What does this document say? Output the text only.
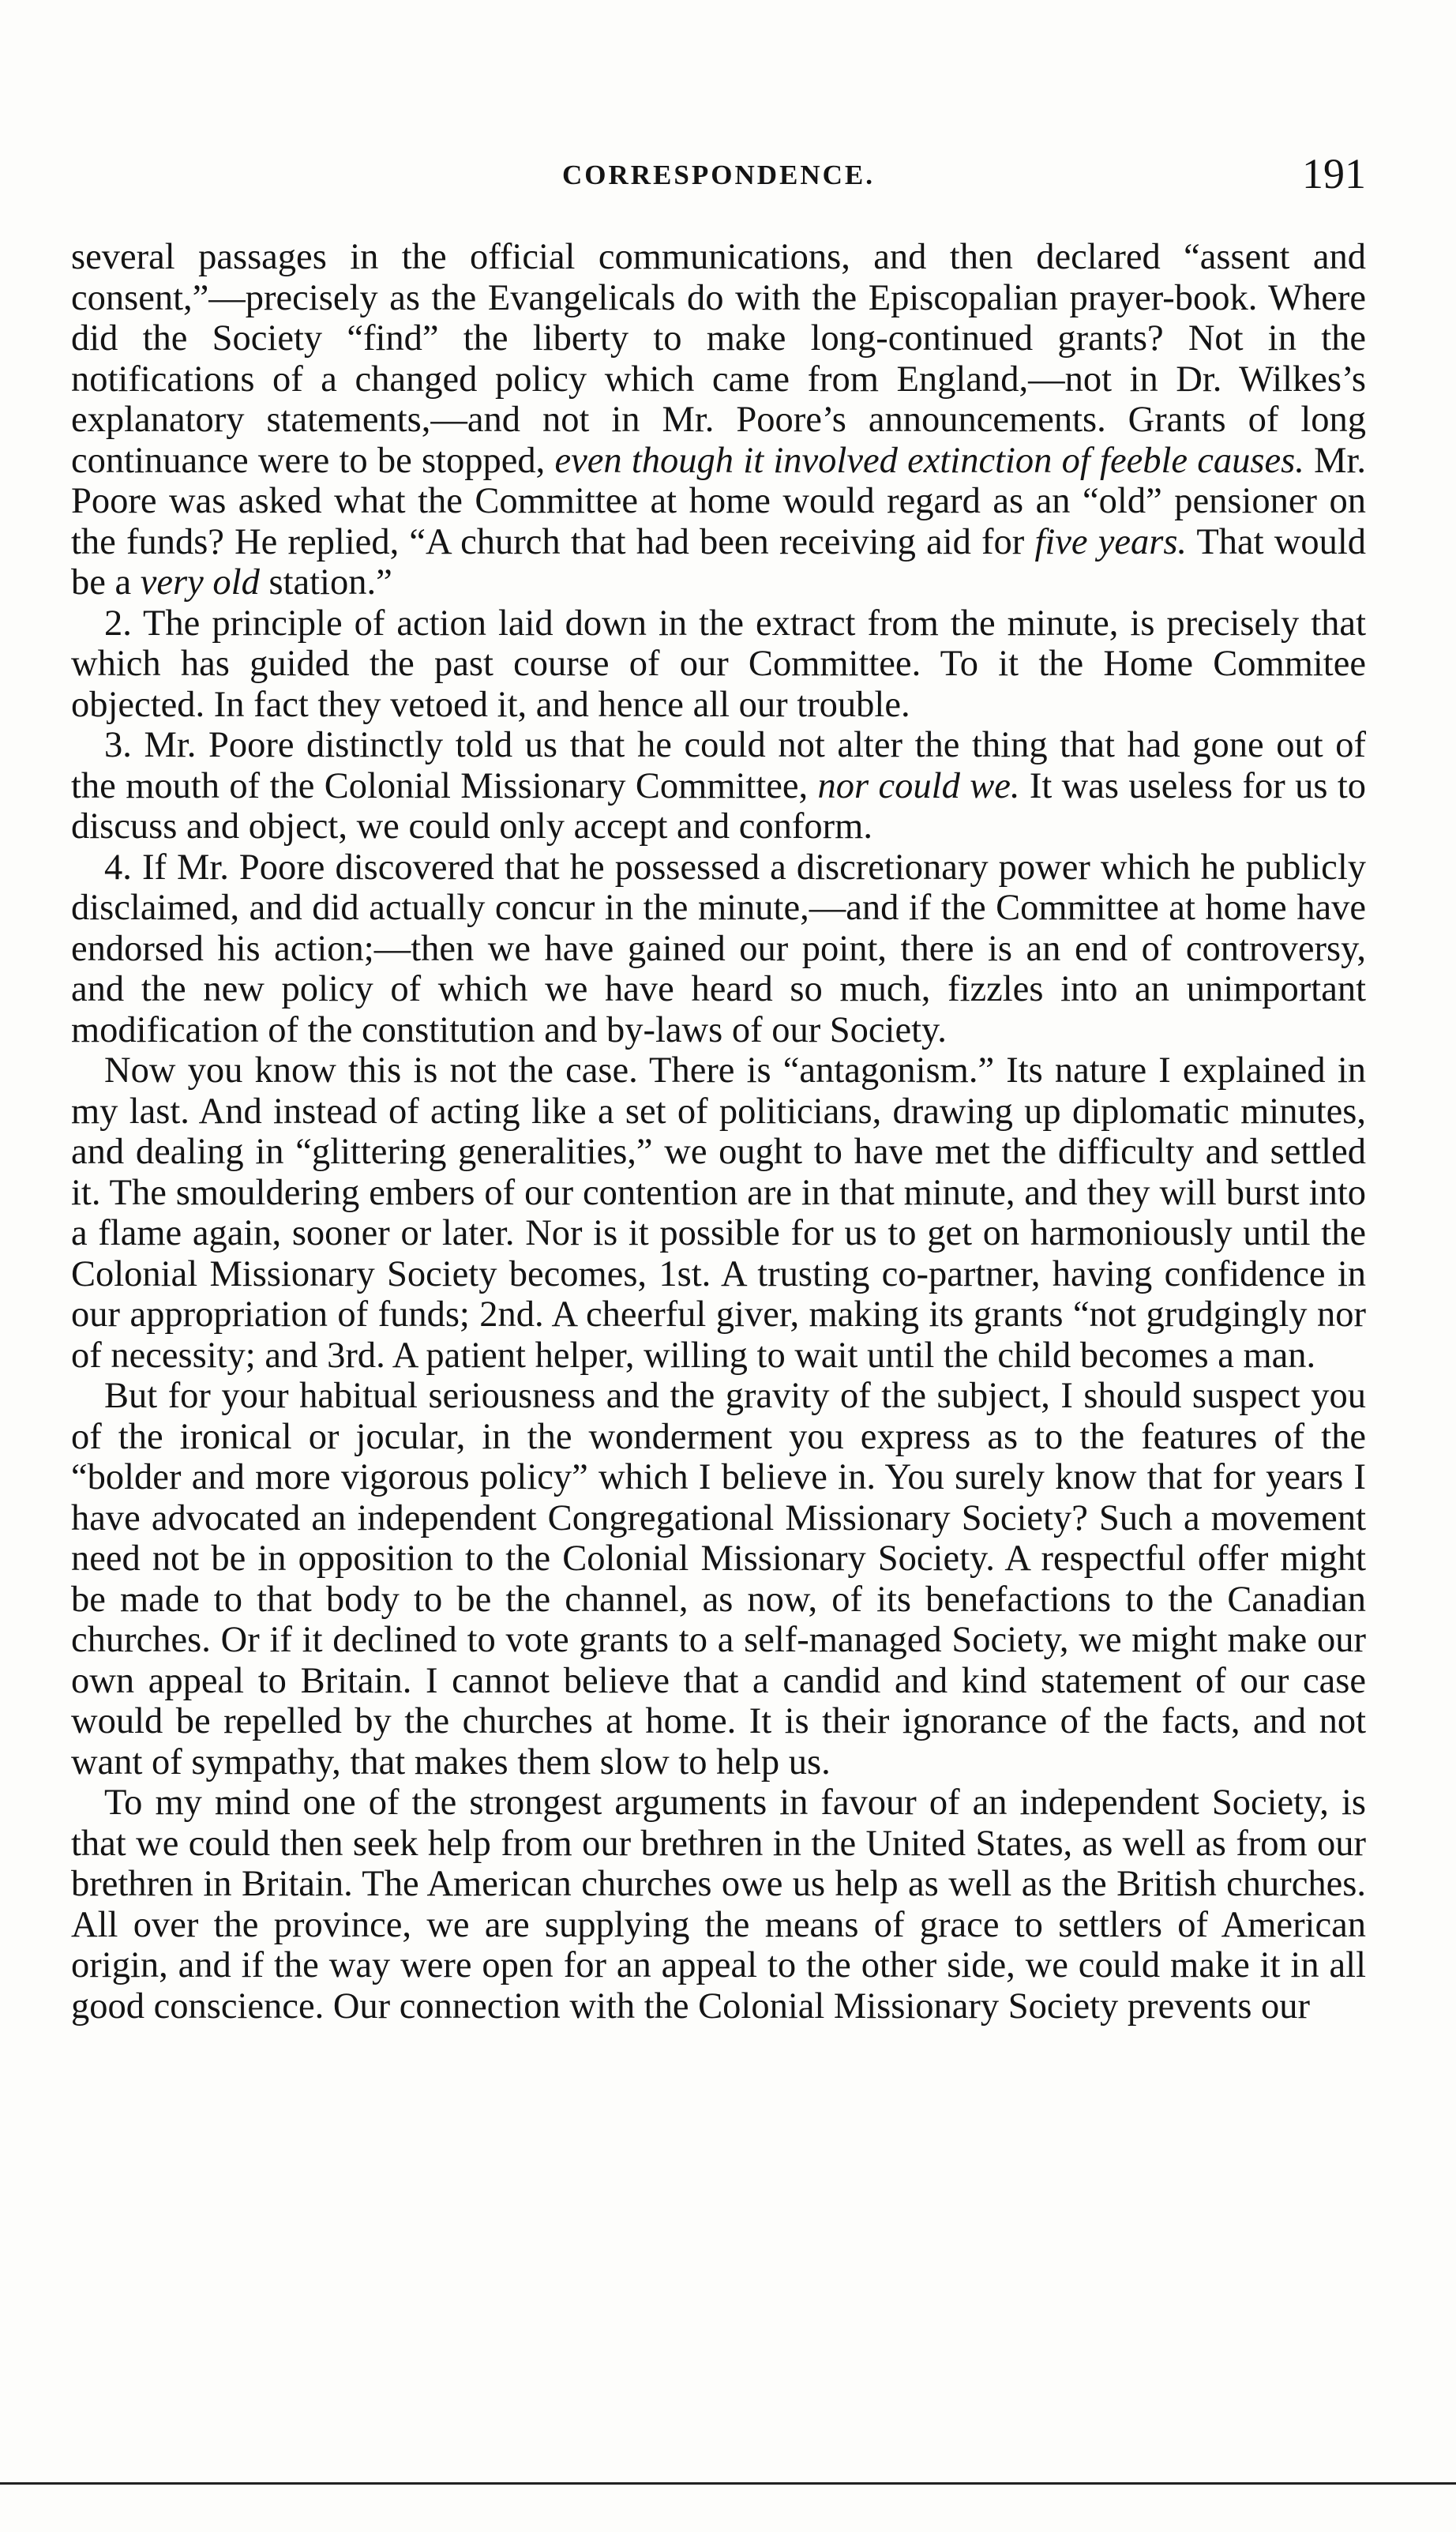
CORRESPONDENCE.	191

several passages in the official communications, and then declared “assent and consent,”—precisely as the Evangelicals do with the Episcopalian prayer-book. Where did the Society “find” the liberty to make long-continued grants? Not in the notifications of a changed policy which came from England,—not in Dr. Wilkes’s explanatory statements,—and not in Mr. Poore’s announcements. Grants of long continuance were to be stopped, even though it involved extinction of feeble causes. Mr. Poore was asked what the Committee at home would regard as an “old” pensioner on the funds? He replied, “A church that had been receiving aid for five years. That would be a very old station.”

2. The principle of action laid down in the extract from the minute, is precisely that which has guided the past course of our Committee. To it the Home Commitee objected. In fact they vetoed it, and hence all our trouble.

3. Mr. Poore distinctly told us that he could not alter the thing that had gone out of the mouth of the Colonial Missionary Committee, nor could we. It was useless for us to discuss and object, we could only accept and conform.

4. If Mr. Poore discovered that he possessed a discretionary power which he publicly disclaimed, and did actually concur in the minute,—and if the Committee at home have endorsed his action;—then we have gained our point, there is an end of controversy, and the new policy of which we have heard so much, fizzles into an unimportant modification of the constitution and by-laws of our Society.

Now you know this is not the case. There is “antagonism.” Its nature I explained in my last. And instead of acting like a set of politicians, drawing up diplomatic minutes, and dealing in “glittering generalities,” we ought to have met the difficulty and settled it. The smouldering embers of our contention are in that minute, and they will burst into a flame again, sooner or later. Nor is it possible for us to get on harmoniously until the Colonial Missionary Society becomes, 1st. A trusting co-partner, having confidence in our appropriation of funds; 2nd. A cheerful giver, making its grants “not grudgingly nor of necessity; and 3rd. A patient helper, willing to wait until the child becomes a man.

But for your habitual seriousness and the gravity of the subject, I should suspect you of the ironical or jocular, in the wonderment you express as to the features of the “bolder and more vigorous policy” which I believe in. You surely know that for years I have advocated an independent Congregational Missionary Society? Such a movement need not be in opposition to the Colonial Missionary Society. A respectful offer might be made to that body to be the channel, as now, of its benefactions to the Canadian churches. Or if it declined to vote grants to a self-managed Society, we might make our own appeal to Britain. I cannot believe that a candid and kind statement of our case would be repelled by the churches at home. It is their ignorance of the facts, and not want of sympathy, that makes them slow to help us.

To my mind one of the strongest arguments in favour of an independent Society, is that we could then seek help from our brethren in the United States, as well as from our brethren in Britain. The American churches owe us help as well as the British churches. All over the province, we are supplying the means of grace to settlers of American origin, and if the way were open for an appeal to the other side, we could make it in all good conscience. Our connection with the Colonial Missionary Society prevents our
